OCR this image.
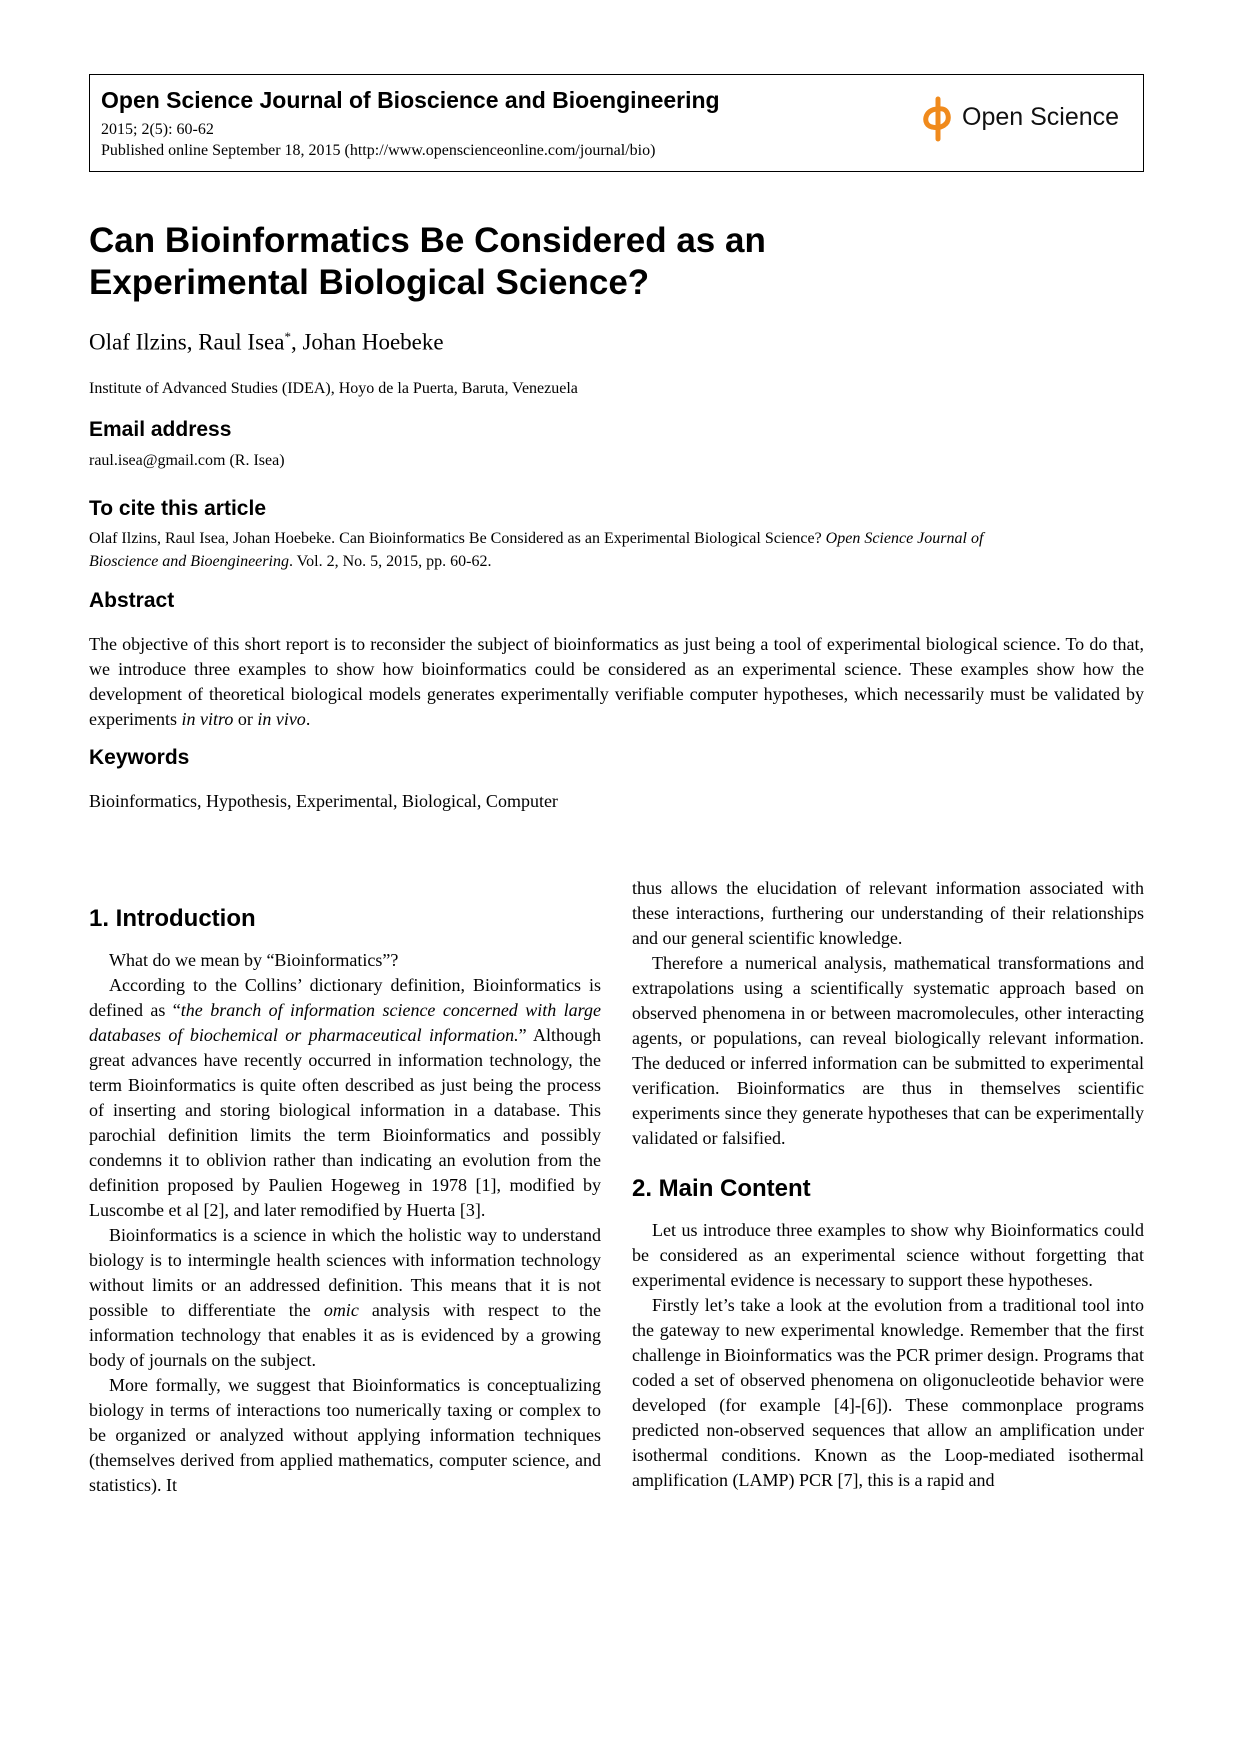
Open Science Journal of Bioscience and Bioengineering
2015; 2(5): 60-62
Published online September 18, 2015 (http://www.openscienceonline.com/journal/bio)
Open Science
Can Bioinformatics Be Considered as an
Experimental Biological Science?
Olaf Ilzins, Raul Isea*, Johan Hoebeke
Institute of Advanced Studies (IDEA), Hoyo de la Puerta, Baruta, Venezuela
Email address
raul.isea@gmail.com (R. Isea)
To cite this article
Olaf Ilzins, Raul Isea, Johan Hoebeke. Can Bioinformatics Be Considered as an Experimental Biological Science? Open Science Journal of
Bioscience and Bioengineering. Vol. 2, No. 5, 2015, pp. 60-62.
Abstract
The objective of this short report is to reconsider the subject of bioinformatics as just being a tool of experimental biological science. To do that, we introduce three examples to show how bioinformatics could be considered as an experimental science. These examples show how the development of theoretical biological models generates experimentally verifiable computer hypotheses, which necessarily must be validated by experiments in vitro or in vivo.
Keywords
Bioinformatics, Hypothesis, Experimental, Biological, Computer
1. Introduction

What do we mean by “Bioinformatics”?

According to the Collins’ dictionary definition, Bioinformatics is defined as “the branch of information science concerned with large databases of biochemical or pharmaceutical information.” Although great advances have recently occurred in information technology, the term Bioinformatics is quite often described as just being the process of inserting and storing biological information in a database. This parochial definition limits the term Bioinformatics and possibly condemns it to oblivion rather than indicating an evolution from the definition proposed by Paulien Hogeweg in 1978 [1], modified by Luscombe et al [2], and later remodified by Huerta [3].

Bioinformatics is a science in which the holistic way to understand biology is to intermingle health sciences with information technology without limits or an addressed definition. This means that it is not possible to differentiate the omic analysis with respect to the information technology that enables it as is evidenced by a growing body of journals on the subject.

More formally, we suggest that Bioinformatics is conceptualizing biology in terms of interactions too numerically taxing or complex to be organized or analyzed without applying information techniques (themselves derived from applied mathematics, computer science, and statistics). It

thus allows the elucidation of relevant information associated with these interactions, furthering our understanding of their relationships and our general scientific knowledge.

Therefore a numerical analysis, mathematical transformations and extrapolations using a scientifically systematic approach based on observed phenomena in or between macromolecules, other interacting agents, or populations, can reveal biologically relevant information. The deduced or inferred information can be submitted to experimental verification. Bioinformatics are thus in themselves scientific experiments since they generate hypotheses that can be experimentally validated or falsified.

2. Main Content

Let us introduce three examples to show why Bioinformatics could be considered as an experimental science without forgetting that experimental evidence is necessary to support these hypotheses.

Firstly let’s take a look at the evolution from a traditional tool into the gateway to new experimental knowledge. Remember that the first challenge in Bioinformatics was the PCR primer design. Programs that coded a set of observed phenomena on oligonucleotide behavior were developed (for example [4]-[6]). These commonplace programs predicted non-observed sequences that allow an amplification under isothermal conditions. Known as the Loop-mediated isothermal amplification (LAMP) PCR [7], this is a rapid and
